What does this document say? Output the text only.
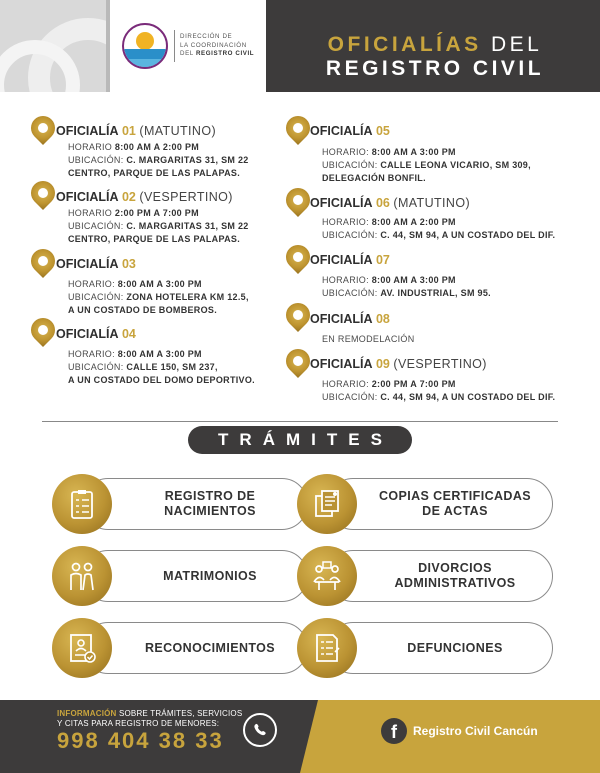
DIRECCIÓN DE
LA COORDINACIÓN
DEL REGISTRO CIVIL	OFICIALÍAS DEL
REGISTRO CIVIL
OFICIALÍA 01 (MATUTINO)
HORARIO 8:00 AM A 2:00 PM
UBICACIÓN: C. MARGARITAS 31, SM 22
CENTRO, PARQUE DE LAS PALAPAS.
OFICIALÍA 02 (VESPERTINO)
HORARIO 2:00 PM A 7:00 PM
UBICACIÓN: C. MARGARITAS 31, SM 22
CENTRO, PARQUE DE LAS PALAPAS.
OFICIALÍA 03
HORARIO: 8:00 AM A 3:00 PM
UBICACIÓN: ZONA HOTELERA KM 12.5,
A UN COSTADO DE BOMBEROS.
OFICIALÍA 04
HORARIO: 8:00 AM A 3:00 PM
UBICACIÓN: CALLE 150, SM 237,
A UN COSTADO DEL DOMO DEPORTIVO.
OFICIALÍA 05
HORARIO: 8:00 AM A 3:00 PM
UBICACIÓN: CALLE LEONA VICARIO, SM 309,
DELEGACIÓN BONFIL.
OFICIALÍA 06 (MATUTINO)
HORARIO: 8:00 AM A 2:00 PM
UBICACIÓN: C. 44, SM 94, A UN COSTADO DEL DIF.
OFICIALÍA 07
HORARIO: 8:00 AM A 3:00 PM
UBICACIÓN: AV. INDUSTRIAL, SM 95.
OFICIALÍA 08
EN REMODELACIÓN
OFICIALÍA 09 (VESPERTINO)
HORARIO: 2:00 PM A 7:00 PM
UBICACIÓN: C. 44, SM 94, A UN COSTADO DEL DIF.
TRÁMITES
REGISTRO DE
NACIMIENTOS
COPIAS CERTIFICADAS
DE ACTAS
MATRIMONIOS
DIVORCIOS
ADMINISTRATIVOS
RECONOCIMIENTOS	DEFUNCIONES
INFORMACIÓN SOBRE TRÁMITES, SERVICIOS
Y CITAS PARA REGISTRO DE MENORES:
998 404 38 33	f	Registro Civil Cancún
